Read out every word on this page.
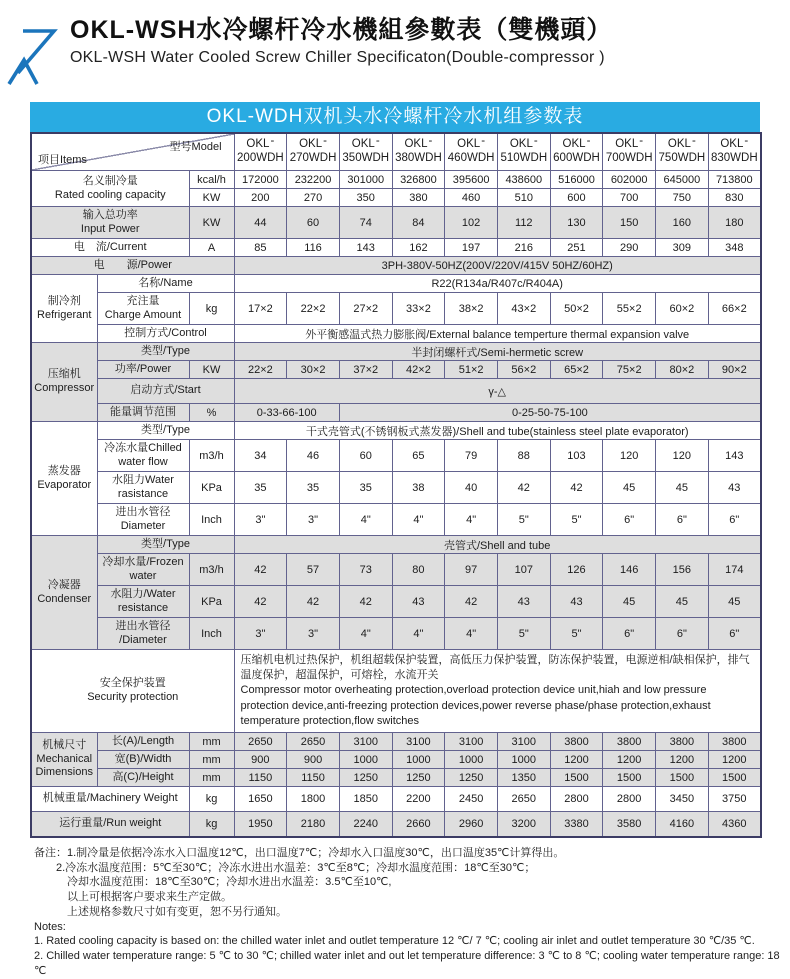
OKL-WSH水冷螺杆冷水機組參數表（雙機頭）
OKL-WSH Water Cooled Screw Chiller Specificaton(Double-compressor )
OKL-WDH双机头水冷螺杆冷水机组参数表
项目Items
型号Model	OKL-
200WDH

OKL-
270WDH

OKL-
350WDH

OKL-
380WDH

OKL-
460WDH

OKL-
510WDH

OKL-
600WDH

OKL-
700WDH

OKL-
750WDH

OKL-
830WDH

名义制冷量
Rated cooling capacity		kcal/h	172000	232200	301000	326800	395600	438600	516000	602000	645000	713800
		KW	200	270	350	380	460	510	600	700	750	830
输入总功率
Input Power		KW	44	60	74	84	102	112	130	150	160	180
电　流/Current		A	85	116	143	162	197	216	251	290	309	348
电　　源/Power			3PH-380V-50HZ(200V/220V/415V 50HZ/60HZ)									
制冷剂
Refrigerant	名称/Name		R22(R134a/R407c/R404A)									
	充注量
Charge Amount	kg	17×2	22×2	27×2	33×2	38×2	43×2	50×2	55×2	60×2	66×2
	控制方式/Control		外平衡感温式热力膨胀阀/External balance temperture thermal expansion valve									
压缩机
Compressor	类型/Type		半封闭螺杆式/Semi-hermetic screw									
	功率/Power	KW	22×2	30×2	37×2	42×2	51×2	56×2	65×2	75×2	80×2	90×2
	启动方式/Start		γ-△									
	能量调节范围	%	0-33-66-100		0-25-50-75-100							
蒸发器
Evaporator	类型/Type		干式壳管式(不锈钢板式蒸发器)/Shell and tube(stainless steel plate evaporator)									
	冷冻水量Chilled
water flow	m3/h	34	46	60	65	79	88	103	120	120	143
	水阻力Water
rasistance	KPa	35	35	35	38	40	42	42	45	45	43
	进出水管径
Diameter	Inch	3"	3"	4"	4"	4"	5"	5"	6"	6"	6"
冷凝器
Condenser	类型/Type		壳管式/Shell and tube									
	冷却水量/Frozen
water	m3/h	42	57	73	80	97	107	126	146	156	174
	水阻力/Water
resistance	KPa	42	42	42	43	42	43	43	45	45	45
	进出水管径
/Diameter	Inch	3"	3"	4"	4"	4"	5"	5"	6"	6"	6"
安全保护装置
Security protection			压缩机电机过热保护，机组超载保护装置，高低压力保护装置，防冻保护装置，电源逆相/缺相保护，排气温度保护，超温保护，可熔栓，水流开关
Compressor motor overheating protection,overload protection device unit,hiah and low pressure protection device,anti-freezing protection devices,power reverse phase/phase protection,exhaust temperature protection,flow switches									
机械尺寸
Mechanical
Dimensions	长(A)/Length	mm	2650	2650	3100	3100	3100	3100	3800	3800	3800	3800
	宽(B)/Width	mm	900	900	1000	1000	1000	1000	1200	1200	1200	1200
	高(C)/Height	mm	1150	1150	1250	1250	1250	1350	1500	1500	1500	1500
机械重量/Machinery Weight		kg	1650	1800	1850	2200	2450	2650	2800	2800	3450	3750
运行重量/Run weight		kg	1950	2180	2240	2660	2960	3200	3380	3580	4160	4360
备注：1.制冷量是依据冷冻水入口温度12℃，出口温度7℃；冷却水入口温度30℃，出口温度35℃计算得出。
　　2.冷冻水温度范围：5℃至30℃；冷冻水进出水温差：3℃至8℃；冷却水温度范围：18℃至30℃；
　　　冷却水温度范围：18℃至30℃；冷却水进出水温差：3.5℃至10℃,
　　　以上可根据客户要求来生产定做。
　　　上述规格参数尺寸如有变更，恕不另行通知。
Notes:
1. Rated cooling capacity is based on: the chilled water inlet and outlet temperature 12 ℃/ 7 ℃; cooling air inlet and outlet temperature 30 ℃/35 ℃.
2. Chilled water temperature range: 5 ℃ to 30 ℃; chilled water inlet and out let temperature difference: 3 ℃ to 8 ℃; cooling water temperature range: 18 ℃
